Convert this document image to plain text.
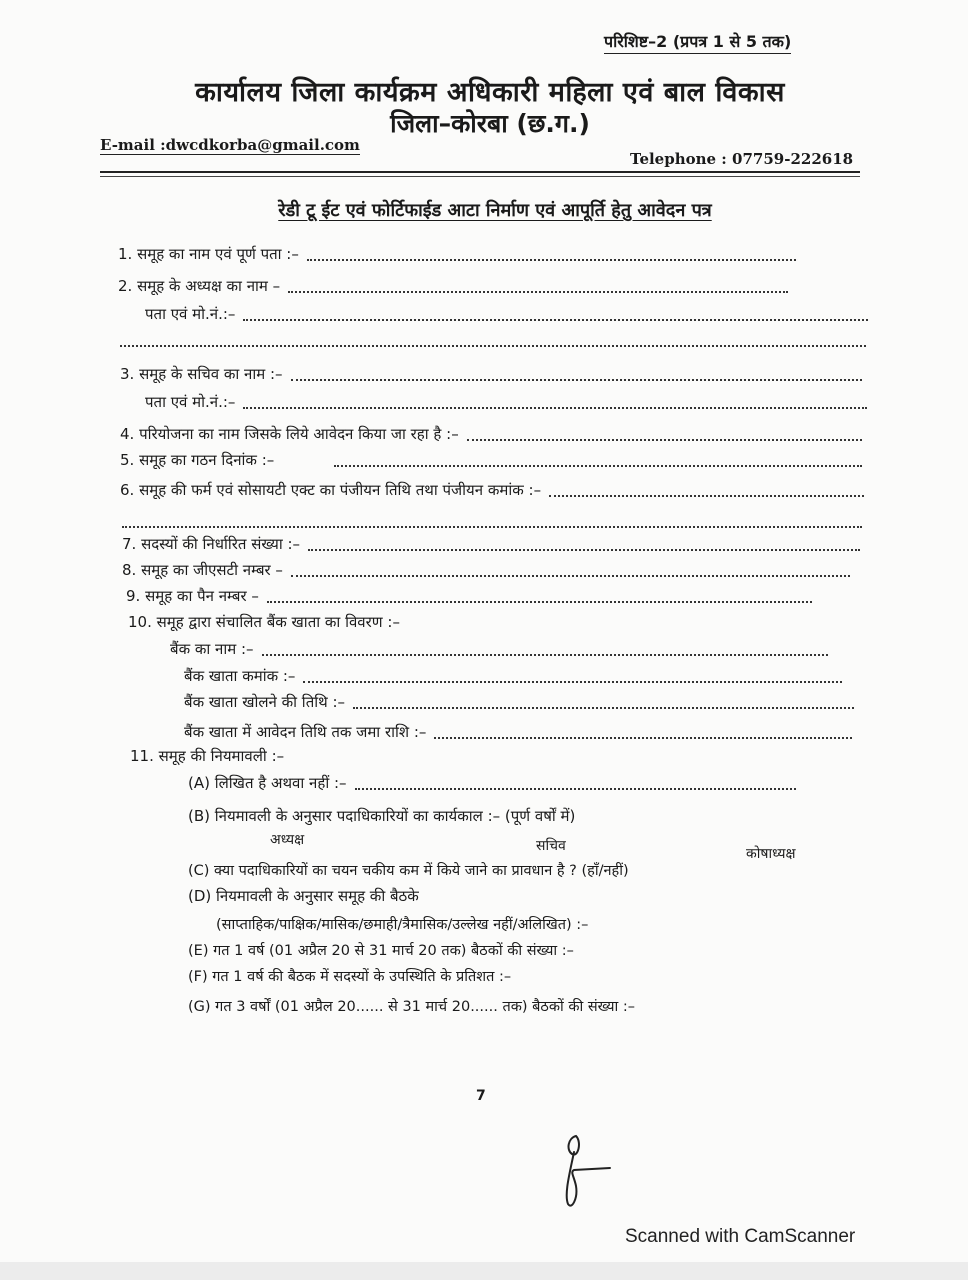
परिशिष्ट–2 (प्रपत्र 1 से 5 तक)
कार्यालय जिला कार्यक्रम अधिकारी महिला एवं बाल विकास
जिला–कोरबा (छ.ग.)
E-mail :dwcdkorba@gmail.com
Telephone : 07759-222618
रेडी टू ईट एवं फोर्टिफाईड आटा निर्माण एवं आपूर्ति हेतु आवेदन पत्र
1. समूह का नाम एवं पूर्ण पता :–
2. समूह के अध्यक्ष का नाम –
पता एवं मो.नं.:–
3. समूह के सचिव का नाम :–
पता एवं मो.नं.:–
4. परियोजना का नाम जिसके लिये आवेदन किया जा रहा है :–
5. समूह का गठन दिनांक :–
6. समूह की फर्म एवं सोसायटी एक्ट का पंजीयन तिथि तथा पंजीयन कमांक :–
7. सदस्यों की निर्धारित संख्या :–
8. समूह का जीएसटी नम्बर –
9. समूह का पैन नम्बर –
10. समूह द्वारा संचालित बैंक खाता का विवरण :–
बैंक का नाम :–
बैंक खाता कमांक :–
बैंक खाता खोलने की तिथि :–
बैंक खाता में आवेदन तिथि तक जमा राशि :–
11. समूह की नियमावली :–
(A) लिखित है अथवा नहीं :–
(B) नियमावली के अनुसार पदाधिकारियों का कार्यकाल :– (पूर्ण वर्षों में)
अध्यक्ष	सचिव	कोषाध्यक्ष
(C) क्या पदाधिकारियों का चयन चकीय कम में किये जाने का प्रावधान है ? (हाँ/नहीं)
(D) नियमावली के अनुसार समूह की बैठके
(साप्ताहिक/पाक्षिक/मासिक/छमाही/त्रैमासिक/उल्लेख नहीं/अलिखित) :–
(E) गत 1 वर्ष (01 अप्रैल 20 से 31 मार्च 20 तक) बैठकों की संख्या :–
(F) गत 1 वर्ष की बैठक में सदस्यों के उपस्थिति के प्रतिशत :–
(G) गत 3 वर्षों (01 अप्रैल 20...... से 31 मार्च 20...... तक) बैठकों की संख्या :–
7
Scanned with CamScanner
